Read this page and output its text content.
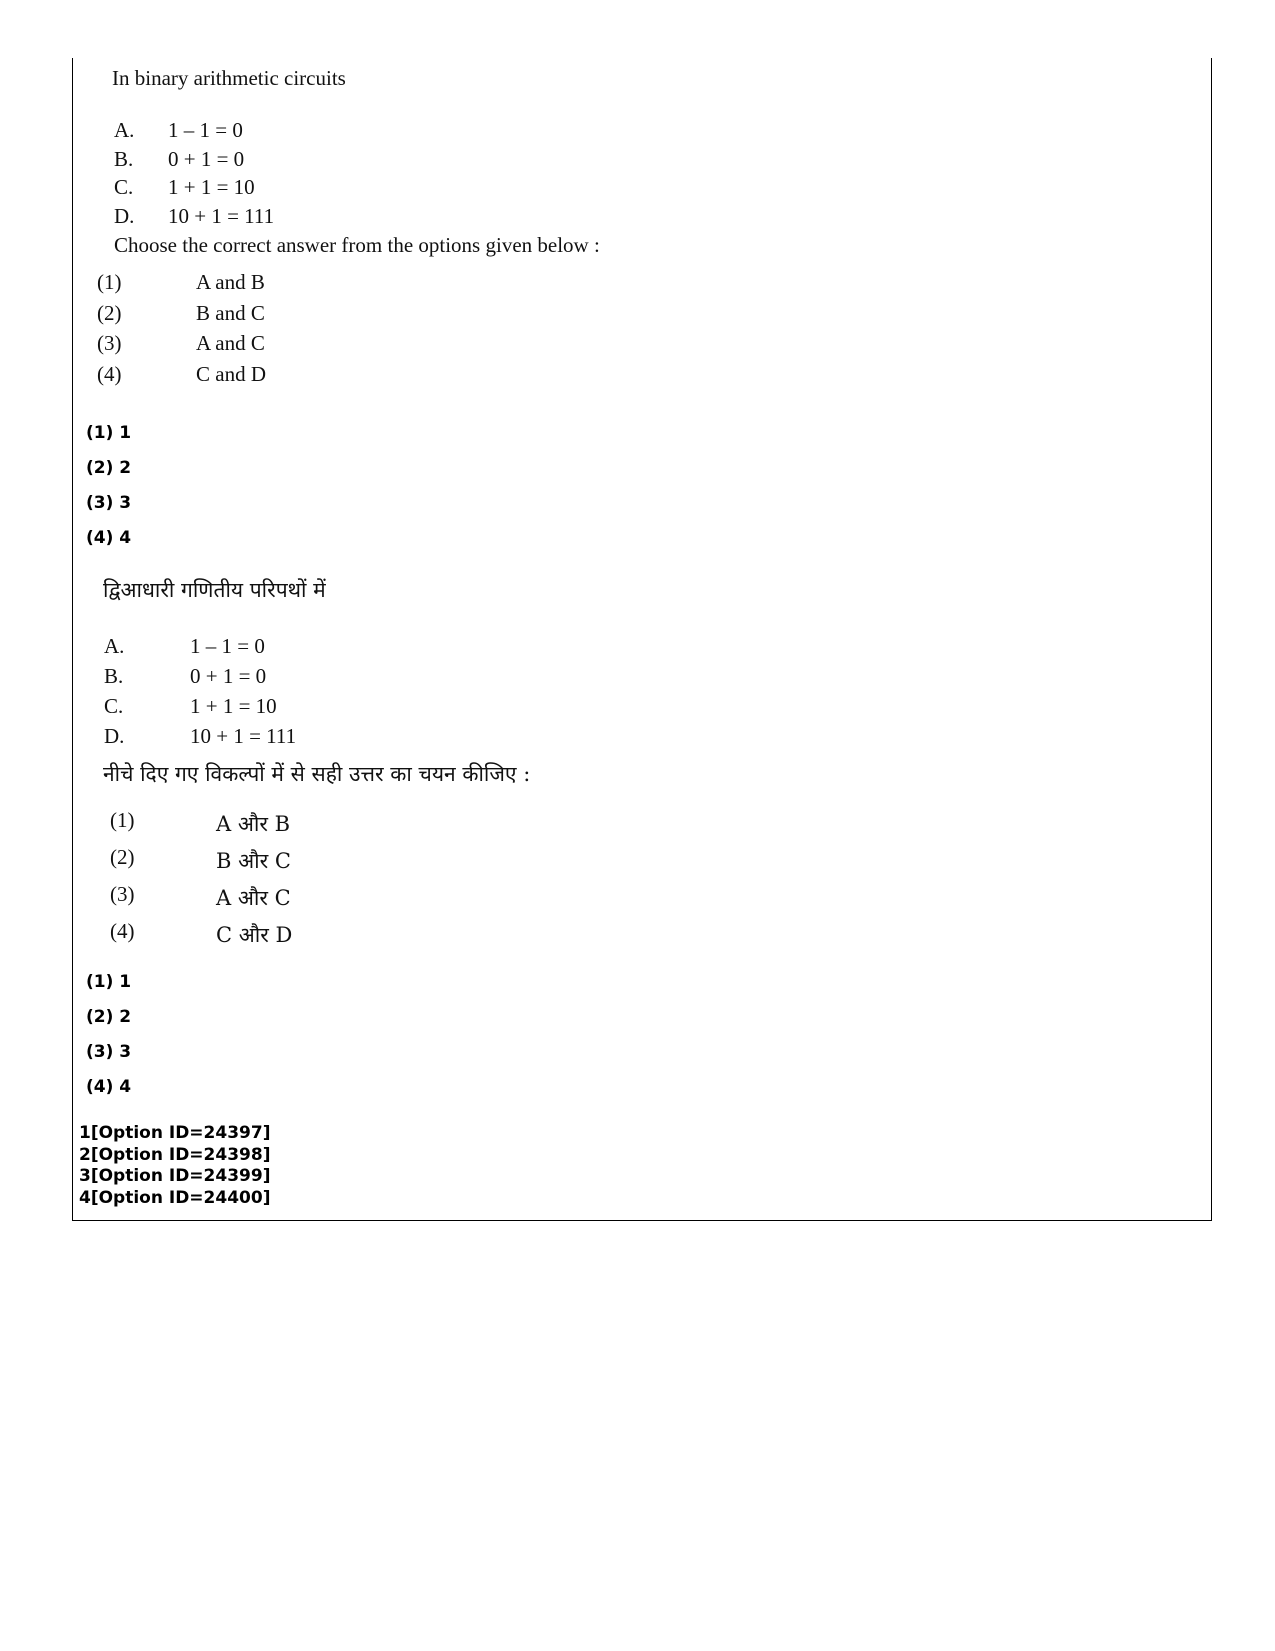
In binary arithmetic circuits
A. 1 – 1 = 0
B. 0 + 1 = 0
C. 1 + 1 = 10
D. 10 + 1 = 111
Choose the correct answer from the options given below :
(1)	A and B
(2)	B and C
(3)	A and C
(4)	C and D
(1) 1
(2) 2
(3) 3
(4) 4
द्विआधारी गणितीय परिपथों में
A.	1 – 1 = 0
B.	0 + 1 = 0
C.	1 + 1 = 10
D.	10 + 1 = 111
नीचे दिए गए विकल्पों में से सही उत्तर का चयन कीजिए :
(1)	A और B
(2)	B और C
(3)	A और C
(4)	C और D
(1) 1
(2) 2
(3) 3
(4) 4
1[Option ID=24397]
2[Option ID=24398]
3[Option ID=24399]
4[Option ID=24400]
